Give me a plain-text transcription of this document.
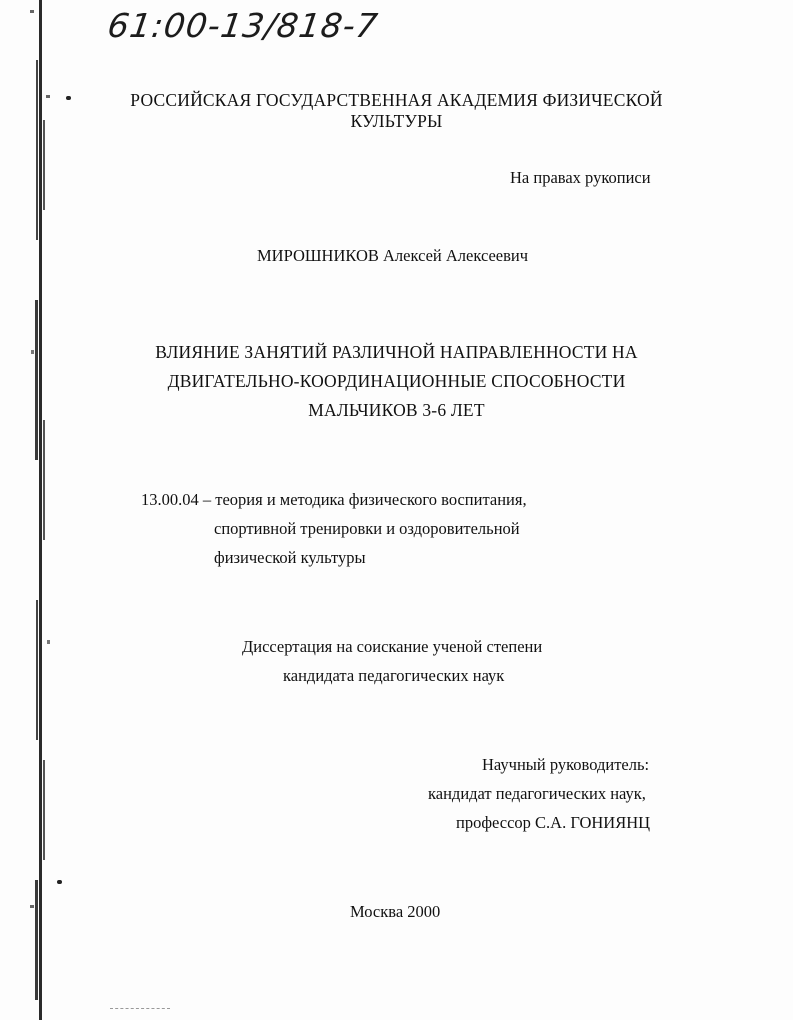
61:00-13/818-7
РОССИЙСКАЯ ГОСУДАРСТВЕННАЯ АКАДЕМИЯ ФИЗИЧЕСКОЙ
КУЛЬТУРЫ
На правах рукописи
МИРОШНИКОВ Алексей Алексеевич
ВЛИЯНИЕ ЗАНЯТИЙ РАЗЛИЧНОЙ НАПРАВЛЕННОСТИ НА
ДВИГАТЕЛЬНО-КООРДИНАЦИОННЫЕ СПОСОБНОСТИ
МАЛЬЧИКОВ 3-6 ЛЕТ
13.00.04 – теория и методика физического воспитания,
спортивной тренировки и оздоровительной
физической культуры
Диссертация на соискание ученой степени
кандидата педагогических наук
Научный руководитель:
кандидат педагогических наук,
профессор С.А. ГОНИЯНЦ
Москва 2000
